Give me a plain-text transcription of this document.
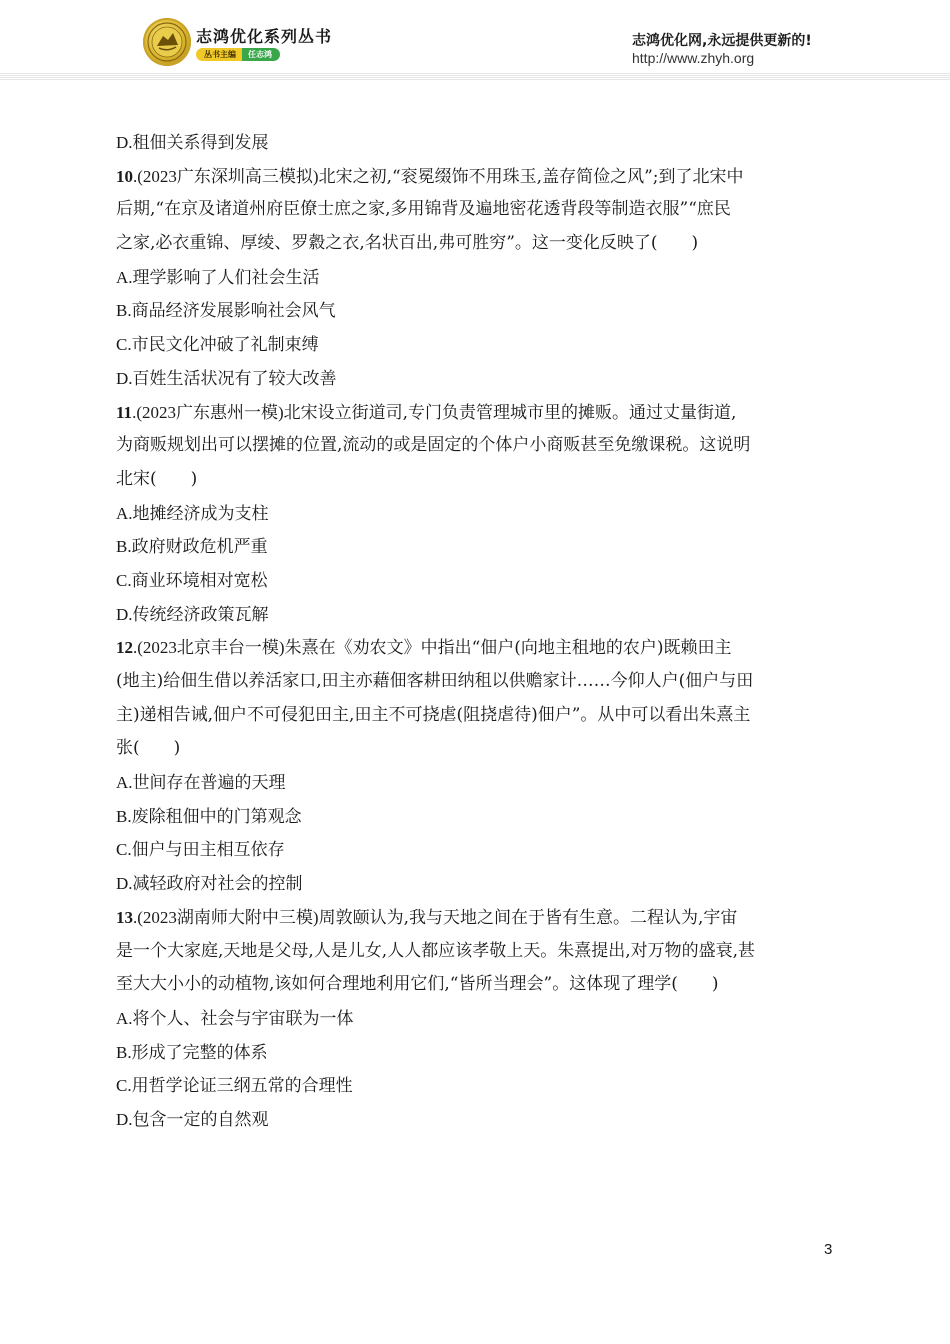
志鸿优化系列丛书
丛书主编	任志鸿
志鸿优化网,永远提供更新的!
http://www.zhyh.org
D.租佃关系得到发展
10.(2023广东深圳高三模拟)北宋之初,“衮冕缀饰不用珠玉,盖存简俭之风”;到了北宋中
后期,“在京及诸道州府臣僚士庶之家,多用锦背及遍地密花透背段等制造衣服”“庶民
之家,必衣重锦、厚绫、罗縠之衣,名状百出,弗可胜穷”。这一变化反映了(　　)
A.理学影响了人们社会生活
B.商品经济发展影响社会风气
C.市民文化冲破了礼制束缚
D.百姓生活状况有了较大改善
11.(2023广东惠州一模)北宋设立街道司,专门负责管理城市里的摊贩。通过丈量街道,
为商贩规划出可以摆摊的位置,流动的或是固定的个体户小商贩甚至免缴课税。这说明
北宋(　　)
A.地摊经济成为支柱
B.政府财政危机严重
C.商业环境相对宽松
D.传统经济政策瓦解
12.(2023北京丰台一模)朱熹在《劝农文》中指出“佃户(向地主租地的农户)既赖田主
(地主)给佃生借以养活家口,田主亦藉佃客耕田纳租以供赡家计……今仰人户(佃户与田
主)递相告诫,佃户不可侵犯田主,田主不可挠虐(阻挠虐待)佃户”。从中可以看出朱熹主
张(　　)
A.世间存在普遍的天理
B.废除租佃中的门第观念
C.佃户与田主相互依存
D.减轻政府对社会的控制
13.(2023湖南师大附中三模)周敦颐认为,我与天地之间在于皆有生意。二程认为,宇宙
是一个大家庭,天地是父母,人是儿女,人人都应该孝敬上天。朱熹提出,对万物的盛衰,甚
至大大小小的动植物,该如何合理地利用它们,“皆所当理会”。这体现了理学(　　)
A.将个人、社会与宇宙联为一体
B.形成了完整的体系
C.用哲学论证三纲五常的合理性
D.包含一定的自然观
3
